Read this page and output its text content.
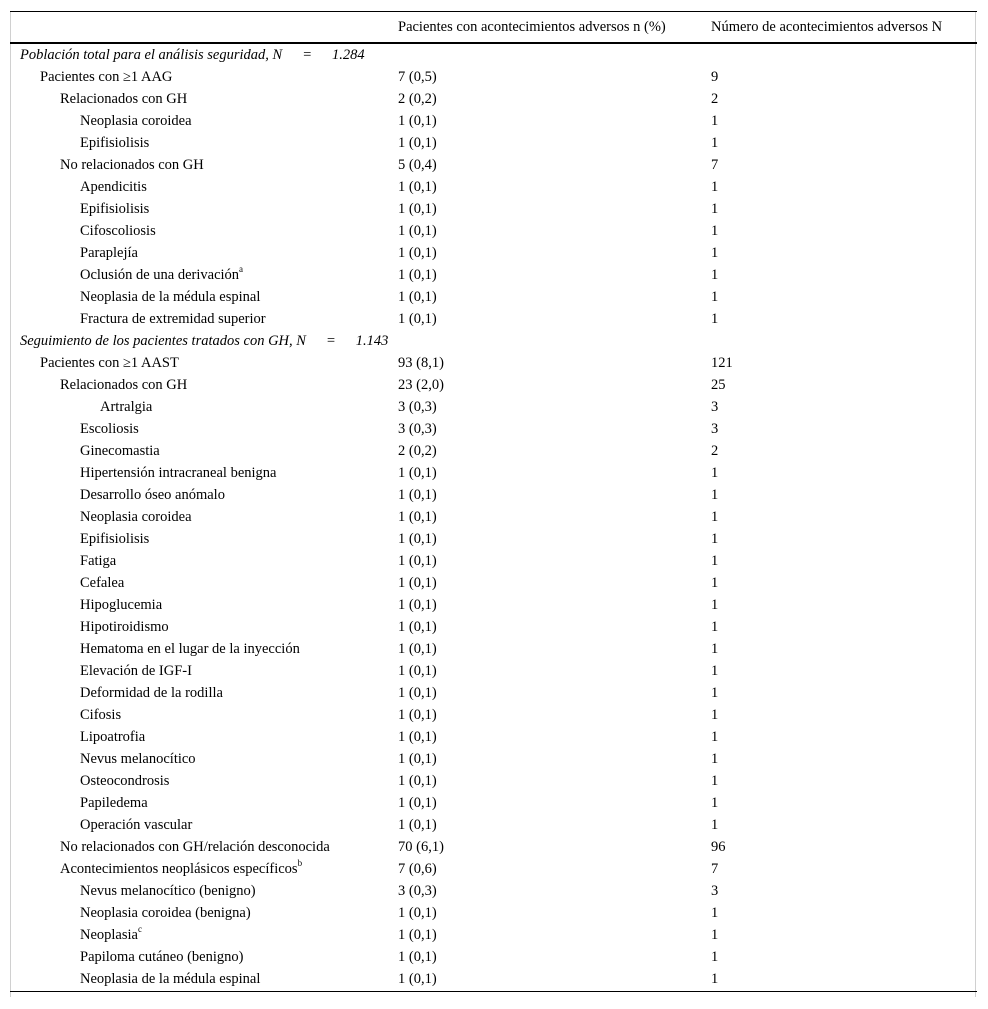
	Pacientes con acontecimientos adversos n (%)	Número de acontecimientos adversos N
Población total para el análisis seguridad, N = 1.284		
Pacientes con ≥1 AAG	7 (0,5)	9
Relacionados con GH	2 (0,2)	2
Neoplasia coroidea	1 (0,1)	1
Epifisiolisis	1 (0,1)	1
No relacionados con GH	5 (0,4)	7
Apendicitis	1 (0,1)	1
Epifisiolisis	1 (0,1)	1
Cifoscoliosis	1 (0,1)	1
Paraplejía	1 (0,1)	1
Oclusión de una derivación$^a$	1 (0,1)	1
Neoplasia de la médula espinal	1 (0,1)	1
Fractura de extremidad superior	1 (0,1)	1
Seguimiento de los pacientes tratados con GH, N = 1.143		
Pacientes con ≥1 AAST	93 (8,1)	121
Relacionados con GH	23 (2,0)	25
Artralgia	3 (0,3)	3
Escoliosis	3 (0,3)	3
Ginecomastia	2 (0,2)	2
Hipertensión intracraneal benigna	1 (0,1)	1
Desarrollo óseo anómalo	1 (0,1)	1
Neoplasia coroidea	1 (0,1)	1
Epifisiolisis	1 (0,1)	1
Fatiga	1 (0,1)	1
Cefalea	1 (0,1)	1
Hipoglucemia	1 (0,1)	1
Hipotiroidismo	1 (0,1)	1
Hematoma en el lugar de la inyección	1 (0,1)	1
Elevación de IGF-I	1 (0,1)	1
Deformidad de la rodilla	1 (0,1)	1
Cifosis	1 (0,1)	1
Lipoatrofia	1 (0,1)	1
Nevus melanocítico	1 (0,1)	1
Osteocondrosis	1 (0,1)	1
Papiledema	1 (0,1)	1
Operación vascular	1 (0,1)	1
No relacionados con GH/relación desconocida	70 (6,1)	96
Acontecimientos neoplásicos específicos$^b$	7 (0,6)	7
Nevus melanocítico (benigno)	3 (0,3)	3
Neoplasia coroidea (benigna)	1 (0,1)	1
Neoplasia$^c$	1 (0,1)	1
Papiloma cutáneo (benigno)	1 (0,1)	1
Neoplasia de la médula espinal	1 (0,1)	1
